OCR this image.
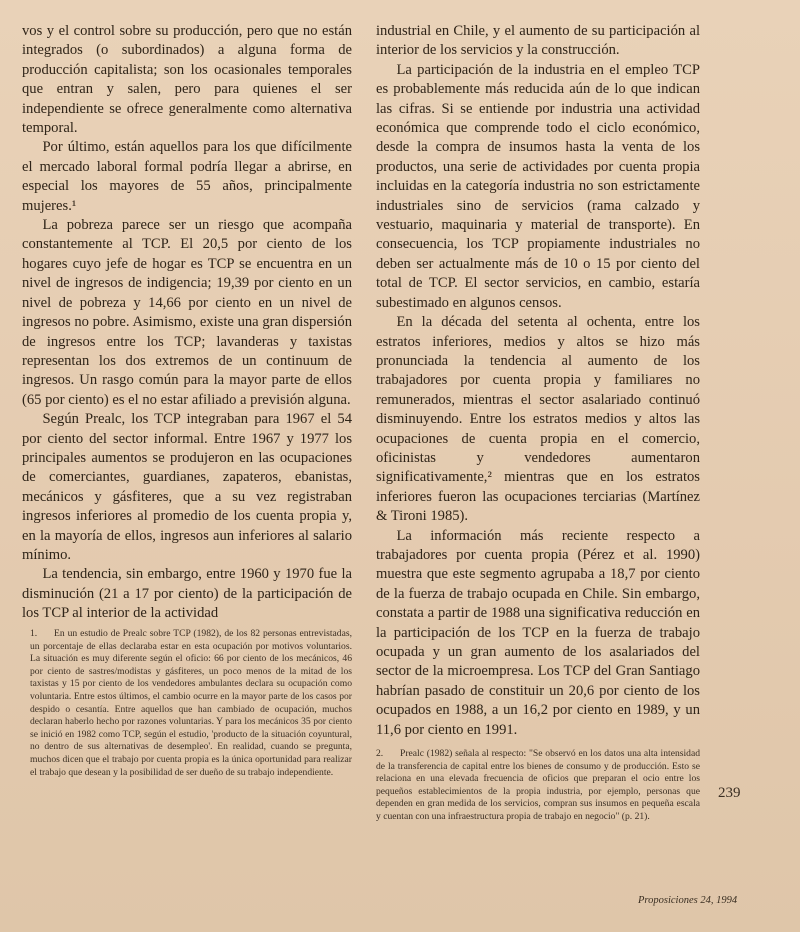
vos y el control sobre su producción, pero que no están integrados (o subordinados) a alguna forma de producción capitalista; son los ocasionales temporales que entran y salen, pero para quienes el ser independiente se ofrece generalmente como alternativa temporal.

Por último, están aquellos para los que difícilmente el mercado laboral formal podría llegar a abrirse, en especial los mayores de 55 años, principalmente mujeres.¹

La pobreza parece ser un riesgo que acompaña constantemente al TCP. El 20,5 por ciento de los hogares cuyo jefe de hogar es TCP se encuentra en un nivel de ingresos de indigencia; 19,39 por ciento en un nivel de pobreza y 14,66 por ciento en un nivel de ingresos no pobre. Asimismo, existe una gran dispersión de ingresos entre los TCP; lavanderas y taxistas representan los dos extremos de un continuum de ingresos. Un rasgo común para la mayor parte de ellos (65 por ciento) es el no estar afiliado a previsión alguna.

Según Prealc, los TCP integraban para 1967 el 54 por ciento del sector informal. Entre 1967 y 1977 los principales aumentos se produjeron en las ocupaciones de comerciantes, guardianes, zapateros, ebanistas, mecánicos y gásfiteres, que a su vez registraban ingresos inferiores al promedio de los cuenta propia y, en la mayoría de ellos, ingresos aun inferiores al salario mínimo.

La tendencia, sin embargo, entre 1960 y 1970 fue la disminución (21 a 17 por ciento) de la participación de los TCP al interior de la actividad

industrial en Chile, y el aumento de su participación al interior de los servicios y la construcción.

La participación de la industria en el empleo TCP es probablemente más reducida aún de lo que indican las cifras. Si se entiende por industria una actividad económica que comprende todo el ciclo económico, desde la compra de insumos hasta la venta de los productos, una serie de actividades por cuenta propia incluidas en la categoría industria no son estrictamente industriales sino de servicios (rama calzado y vestuario, maquinaria y material de transporte). En consecuencia, los TCP propiamente industriales no deben ser actualmente más de 10 o 15 por ciento del total de TCP. El sector servicios, en cambio, estaría subestimado en algunos censos.

En la década del setenta al ochenta, entre los estratos inferiores, medios y altos se hizo más pronunciada la tendencia al aumento de los trabajadores por cuenta propia y familiares no remunerados, mientras el sector asalariado continuó disminuyendo. Entre los estratos medios y altos las ocupaciones de cuenta propia en el comercio, oficinistas y vendedores aumentaron significativamente,² mientras que en los estratos inferiores fueron las ocupaciones terciarias (Martínez & Tironi 1985).

La información más reciente respecto a trabajadores por cuenta propia (Pérez et al. 1990) muestra que este segmento agrupaba a 18,7 por ciento de la fuerza de trabajo ocupada en Chile. Sin embargo, constata a partir de 1988 una significativa reducción en la participación de los TCP en la fuerza de trabajo ocupada y un gran aumento de los asalariados del sector de la microempresa. Los TCP del Gran Santiago habrían pasado de constituir un 20,6 por ciento de los ocupados en 1988, a un 16,2 por ciento en 1989, y un 11,6 por ciento en 1991.

1. En un estudio de Prealc sobre TCP (1982), de los 82 personas entrevistadas, un porcentaje de ellas declaraba estar en esta ocupación por motivos voluntarios. La situación es muy diferente según el oficio: 66 por ciento de los mecánicos, 46 por ciento de sastres/modistas y gásfiteres, un poco menos de la mitad de los taxistas y 15 por ciento de los vendedores ambulantes declara su ocupación como voluntaria. Entre estos últimos, el cambio ocurre en la mayor parte de los casos por despido o cesantía. Entre aquellos que han cambiado de ocupación, muchos declaran haberlo hecho por razones voluntarias. Y para los mecánicos 35 por ciento se inició en 1982 como TCP, según el estudio, 'producto de la situación coyuntural, no dentro de sus alternativas de desempleo'. En realidad, cuando se pregunta, muchos dicen que el trabajo por cuenta propia es la única oportunidad para realizar el trabajo que desean y la posibilidad de ser dueño de su trabajo independiente.
2. Prealc (1982) señala al respecto: "Se observó en los datos una alta intensidad de la transferencia de capital entre los bienes de consumo y de producción. Esto se relaciona en una elevada frecuencia de oficios que preparan el ocio entre los pequeños establecimientos de la propia industria, por ejemplo, personas que dependen en gran medida de los servicios, compran sus insumos en pequeña escala y cuentan con una infraestructura propia de trabajo en negocio" (p. 21).
239
Proposiciones 24, 1994
